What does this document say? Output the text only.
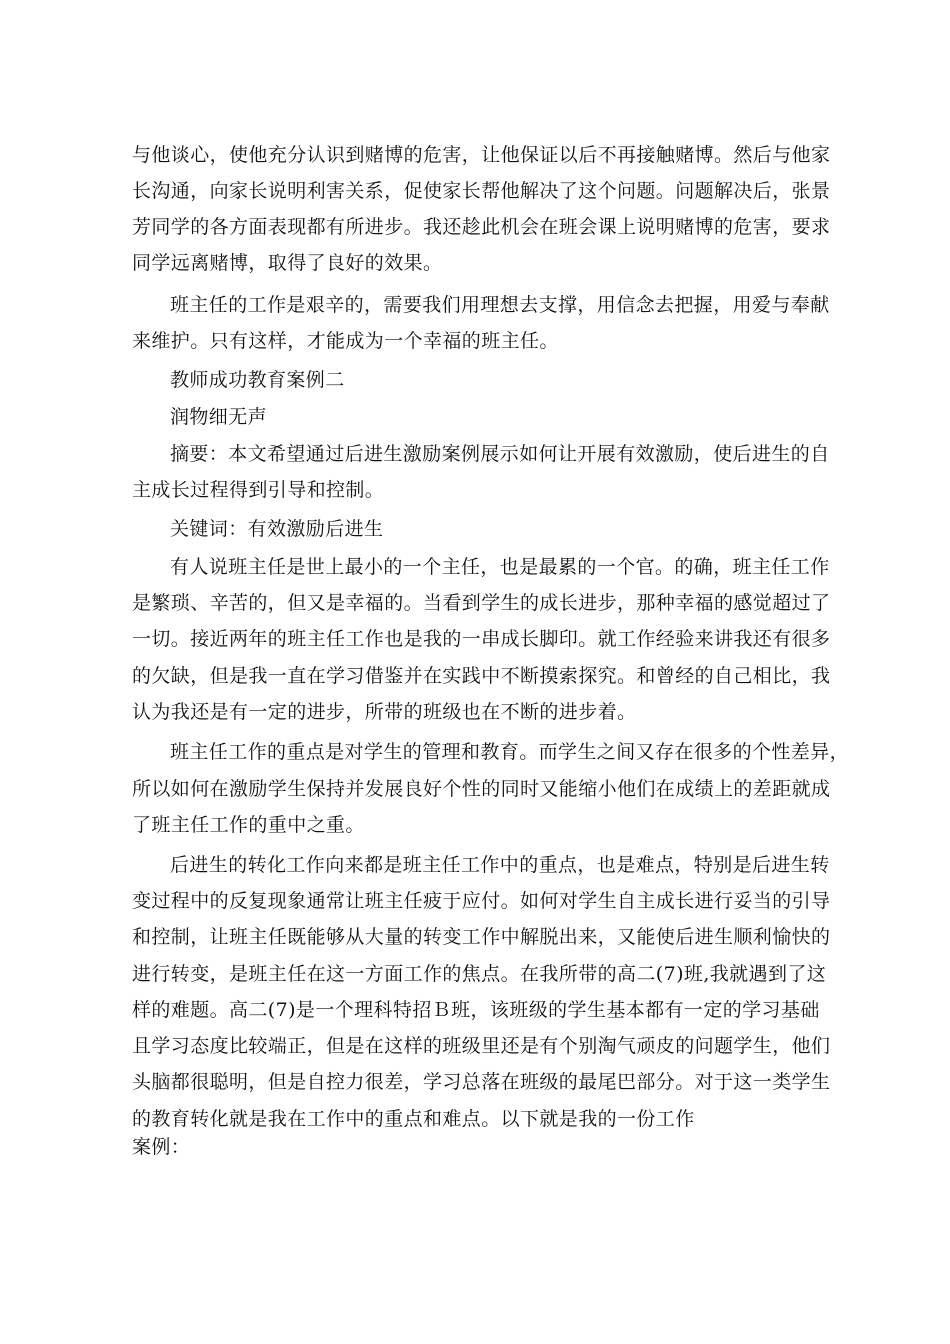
与他谈心，使他充分认识到赌博的危害，让他保证以后不再接触赌博。然后与他家
长沟通，向家长说明利害关系，促使家长帮他解决了这个问题。问题解决后，张景
芳同学的各方面表现都有所进步。我还趁此机会在班会课上说明赌博的危害，要求
同学远离赌博，取得了良好的效果。
班主任的工作是艰辛的，需要我们用理想去支撑，用信念去把握，用爱与奉献
来维护。只有这样，才能成为一个幸福的班主任。
教师成功教育案例二
润物细无声
摘要：本文希望通过后进生激励案例展示如何让开展有效激励，使后进生的自
主成长过程得到引导和控制。
关键词：有效激励后进生
有人说班主任是世上最小的一个主任，也是最累的一个官。的确，班主任工作
是繁琐、辛苦的，但又是幸福的。当看到学生的成长进步，那种幸福的感觉超过了
一切。接近两年的班主任工作也是我的一串成长脚印。就工作经验来讲我还有很多
的欠缺，但是我一直在学习借鉴并在实践中不断摸索探究。和曾经的自己相比，我
认为我还是有一定的进步，所带的班级也在不断的进步着。
班主任工作的重点是对学生的管理和教育。而学生之间又存在很多的个性差异，
所以如何在激励学生保持并发展良好个性的同时又能缩小他们在成绩上的差距就成
了班主任工作的重中之重。
后进生的转化工作向来都是班主任工作中的重点，也是难点，特别是后进生转
变过程中的反复现象通常让班主任疲于应付。如何对学生自主成长进行妥当的引导
和控制，让班主任既能够从大量的转变工作中解脱出来，又能使后进生顺利愉快的
进行转变，是班主任在这一方面工作的焦点。在我所带的高二(7)班,我就遇到了这
样的难题。高二(7)是一个理科特招Ｂ班，该班级的学生基本都有一定的学习基础
且学习态度比较端正，但是在这样的班级里还是有个别淘气顽皮的问题学生，他们
头脑都很聪明，但是自控力很差，学习总落在班级的最尾巴部分。对于这一类学生
的教育转化就是我在工作中的重点和难点。以下就是我的一份工作
案例：
